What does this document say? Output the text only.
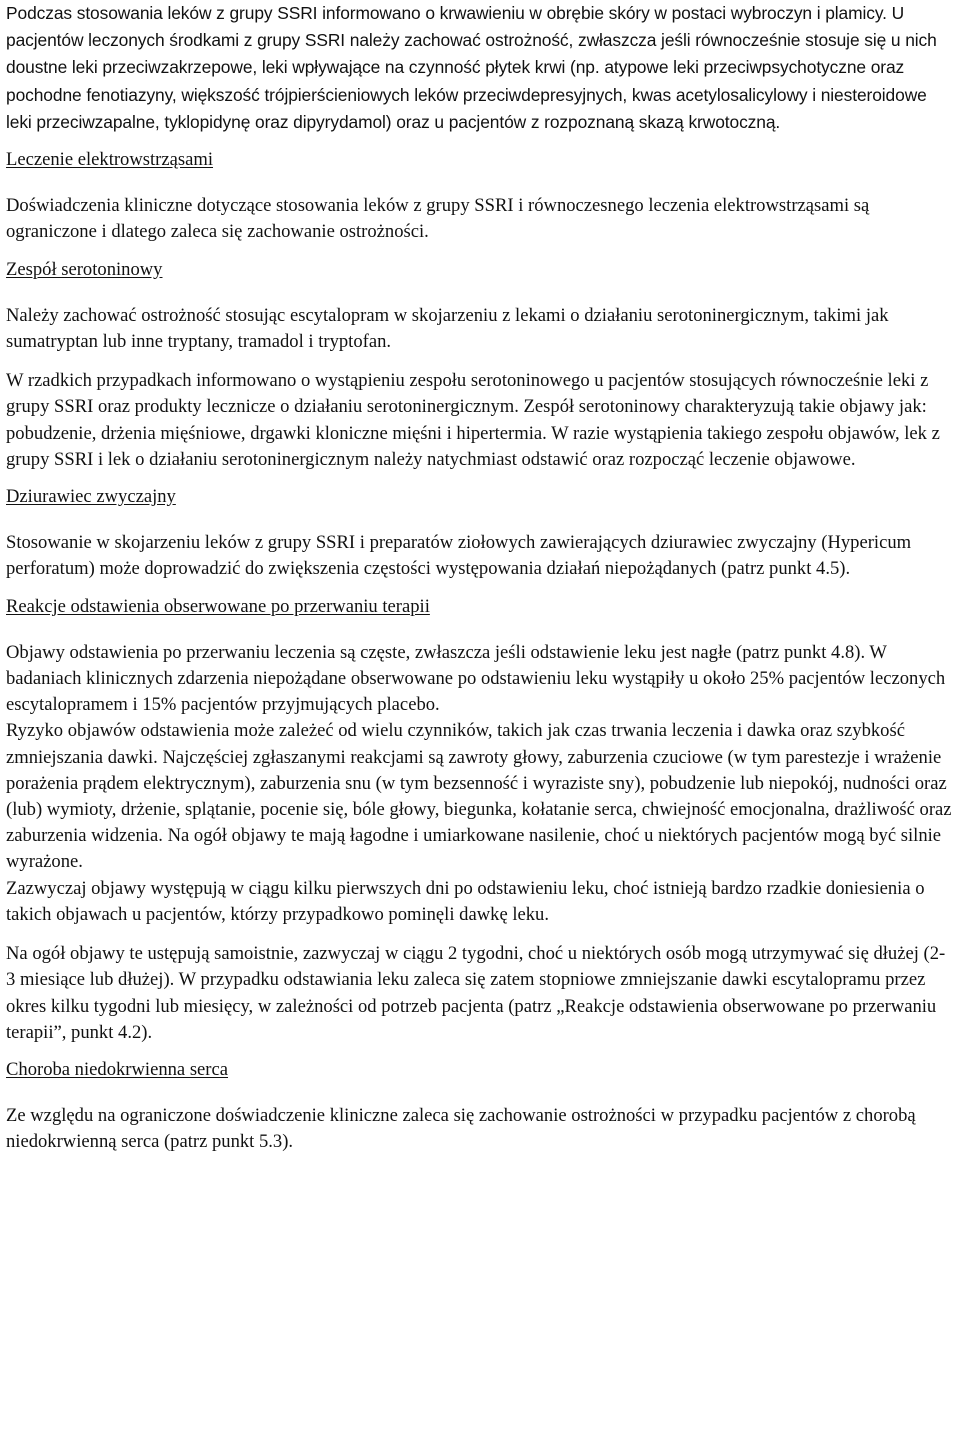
Podczas stosowania leków z grupy SSRI informowano o krwawieniu w obrębie skóry w postaci wybroczyn i plamicy. U pacjentów leczonych środkami z grupy SSRI należy zachować ostrożność, zwłaszcza jeśli równocześnie stosuje się u nich doustne leki przeciwzakrzepowe, leki wpływające na czynność płytek krwi (np. atypowe leki przeciwpsychotyczne oraz pochodne fenotiazyny, większość trójpierścieniowych leków przeciwdepresyjnych, kwas acetylosalicylowy i niesteroidowe leki przeciwzapalne, tyklopidynę oraz dipyrydamol) oraz u pacjentów z rozpoznaną skazą krwotoczną.

Leczenie elektrowstrząsami

Doświadczenia kliniczne dotyczące stosowania leków z grupy SSRI i równoczesnego leczenia elektrowstrząsami są ograniczone i dlatego zaleca się zachowanie ostrożności.

Zespół serotoninowy

Należy zachować ostrożność stosując escytalopram w skojarzeniu z lekami o działaniu serotoninergicznym, takimi jak sumatryptan lub inne tryptany, tramadol i tryptofan.

W rzadkich przypadkach informowano o wystąpieniu zespołu serotoninowego u pacjentów stosujących równocześnie leki z grupy SSRI oraz produkty lecznicze o działaniu serotoninergicznym. Zespół serotoninowy charakteryzują takie objawy jak: pobudzenie, drżenia mięśniowe, drgawki kloniczne mięśni i hipertermia. W razie wystąpienia takiego zespołu objawów, lek z grupy SSRI i lek o działaniu serotoninergicznym należy natychmiast odstawić oraz rozpocząć leczenie objawowe.

Dziurawiec zwyczajny

Stosowanie w skojarzeniu leków z grupy SSRI i preparatów ziołowych zawierających dziurawiec zwyczajny (Hypericum perforatum) może doprowadzić do zwiększenia częstości występowania działań niepożądanych (patrz punkt 4.5).

Reakcje odstawienia obserwowane po przerwaniu terapii

Objawy odstawienia po przerwaniu leczenia są częste, zwłaszcza jeśli odstawienie leku jest nagłe (patrz punkt 4.8). W badaniach klinicznych zdarzenia niepożądane obserwowane po odstawieniu leku wystąpiły u około 25% pacjentów leczonych escytalopramem i 15% pacjentów przyjmujących placebo.

Ryzyko objawów odstawienia może zależeć od wielu czynników, takich jak czas trwania leczenia i dawka oraz szybkość zmniejszania dawki. Najczęściej zgłaszanymi reakcjami są zawroty głowy, zaburzenia czuciowe (w tym parestezje i wrażenie porażenia prądem elektrycznym), zaburzenia snu (w tym bezsenność i wyraziste sny), pobudzenie lub niepokój, nudności oraz (lub) wymioty, drżenie, splątanie, pocenie się, bóle głowy, biegunka, kołatanie serca, chwiejność emocjonalna, drażliwość oraz zaburzenia widzenia. Na ogół objawy te mają łagodne i umiarkowane nasilenie, choć u niektórych pacjentów mogą być silnie wyrażone.

Zazwyczaj objawy występują w ciągu kilku pierwszych dni po odstawieniu leku, choć istnieją bardzo rzadkie doniesienia o takich objawach u pacjentów, którzy przypadkowo pominęli dawkę leku.

Na ogół objawy te ustępują samoistnie, zazwyczaj w ciągu 2 tygodni, choć u niektórych osób mogą utrzymywać się dłużej (2-3 miesiące lub dłużej). W przypadku odstawiania leku zaleca się zatem stopniowe zmniejszanie dawki escytalopramu przez okres kilku tygodni lub miesięcy, w zależności od potrzeb pacjenta (patrz „Reakcje odstawienia obserwowane po przerwaniu terapii”, punkt 4.2).

Choroba niedokrwienna serca

Ze względu na ograniczone doświadczenie kliniczne zaleca się zachowanie ostrożności w przypadku pacjentów z chorobą niedokrwienną serca (patrz punkt 5.3).
